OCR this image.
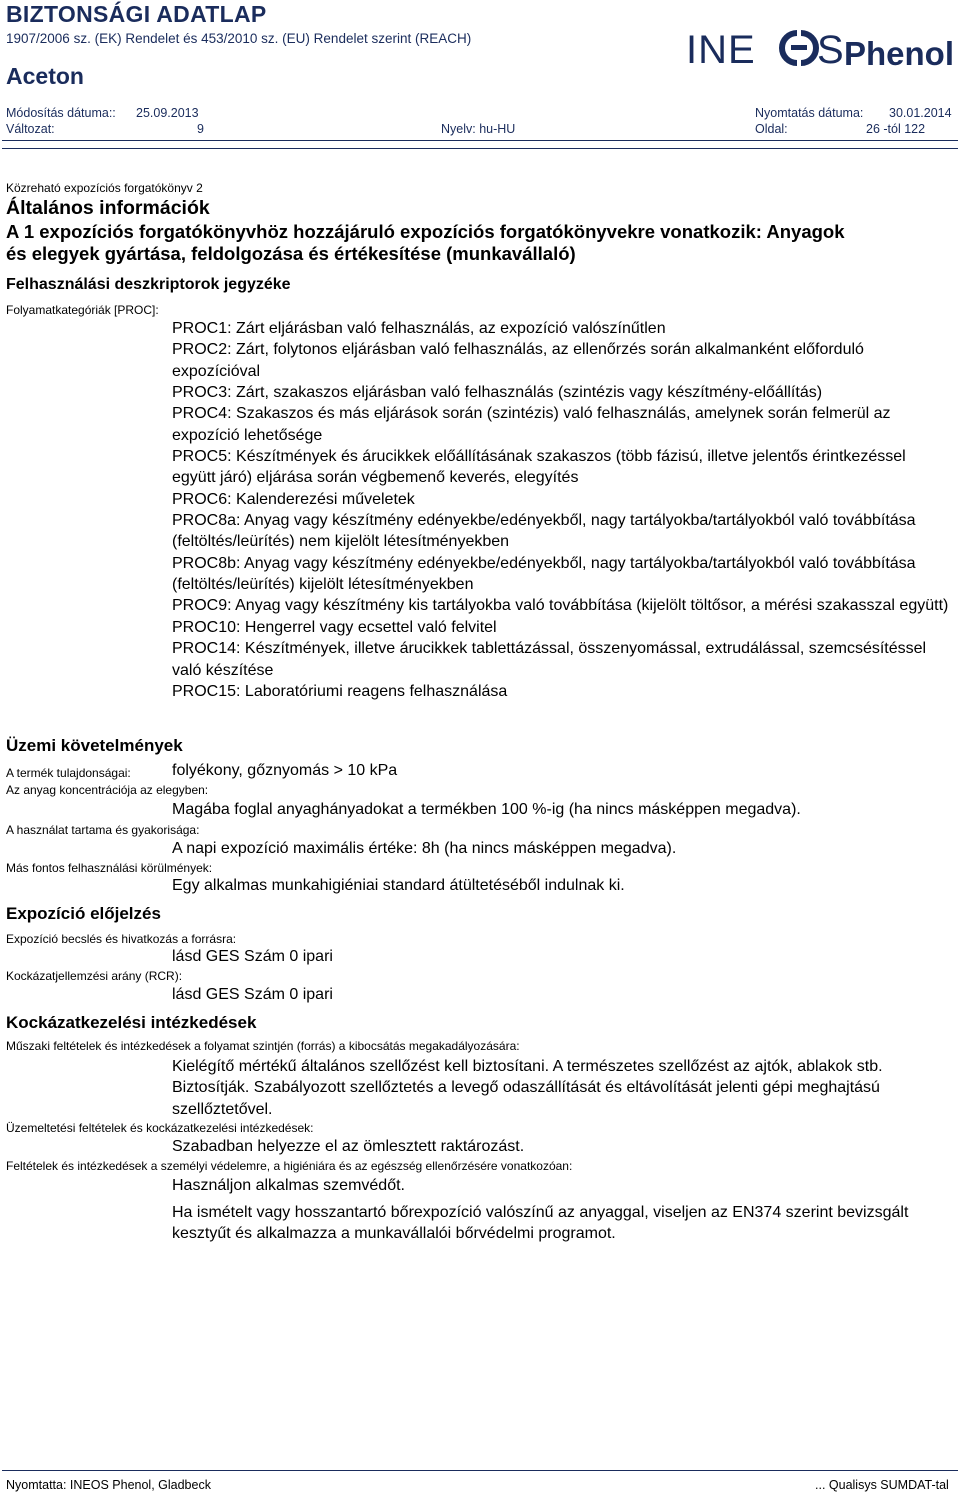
BIZTONSÁGI ADATLAP
1907/2006 sz. (EK) Rendelet és 453/2010 sz. (EU) Rendelet szerint (REACH)
Aceton
INE S Phenol
Módosítás dátuma:: 25.09.2013	Nyomtatás dátuma: 30.01.2014
Változat:	9	Nyelv: hu-HU	Oldal:	26 -tól 122
Közreható expozíciós forgatókönyv 2
Általános információk
A 1 expozíciós forgatókönyvhöz hozzájáruló expozíciós forgatókönyvekre vonatkozik: Anyagok
és elegyek gyártása, feldolgozása és értékesítése (munkavállaló)
Felhasználási deszkriptorok jegyzéke
Folyamatkategóriák [PROC]:
PROC1: Zárt eljárásban való felhasználás, az expozíció valószínűtlen
PROC2: Zárt, folytonos eljárásban való felhasználás, az ellenőrzés során alkalmanként előforduló expozícióval
PROC3: Zárt, szakaszos eljárásban való felhasználás (szintézis vagy készítmény-előállítás)
PROC4: Szakaszos és más eljárások során (szintézis) való felhasználás, amelynek során felmerül az expozíció lehetősége
PROC5: Készítmények és árucikkek előállításának szakaszos (több fázisú, illetve jelentős érintkezéssel együtt járó) eljárása során végbemenő keverés, elegyítés
PROC6: Kalenderezési műveletek
PROC8a: Anyag vagy készítmény edényekbe/edényekből, nagy tartályokba/tartályokból való továbbítása (feltöltés/leürítés) nem kijelölt létesítményekben
PROC8b: Anyag vagy készítmény edényekbe/edényekből, nagy tartályokba/tartályokból való továbbítása (feltöltés/leürítés) kijelölt létesítményekben
PROC9: Anyag vagy készítmény kis tartályokba való továbbítása (kijelölt töltősor, a mérési szakasszal együtt)
PROC10: Hengerrel vagy ecsettel való felvitel
PROC14: Készítmények, illetve árucikkek tablettázással, összenyomással, extrudálással, szemcsésítéssel való készítése
PROC15: Laboratóriumi reagens felhasználása
Üzemi követelmények
A termék tulajdonságai:	folyékony, gőznyomás > 10 kPa
Az anyag koncentrációja az elegyben:
Magába foglal anyaghányadokat a termékben 100 %-ig (ha nincs másképpen megadva).
A használat tartama és gyakorisága:
A napi expozíció maximális értéke: 8h (ha nincs másképpen megadva).
Más fontos felhasználási körülmények:
Egy alkalmas munkahigiéniai standard átültetéséből indulnak ki.
Expozíció előjelzés
Expozíció becslés és hivatkozás a forrásra:
lásd GES Szám 0 ipari
Kockázatjellemzési arány (RCR):
lásd GES Szám 0 ipari
Kockázatkezelési intézkedések
Műszaki feltételek és intézkedések a folyamat szintjén (forrás) a kibocsátás megakadályozására:
Kielégítő mértékű általános szellőzést kell biztosítani. A természetes szellőzést az ajtók, ablakok stb. Biztosítják. Szabályozott szellőztetés a levegő odaszállítását és eltávolítását jelenti gépi meghajtású szellőztetővel.
Üzemeltetési feltételek és kockázatkezelési intézkedések:
Szabadban helyezze el az ömlesztett raktározást.
Feltételek és intézkedések a személyi védelemre, a higiéniára és az egészség ellenőrzésére vonatkozóan:
Használjon alkalmas szemvédőt.
Ha ismételt vagy hosszantartó bőrexpozíció valószínű az anyaggal, viseljen az EN374 szerint bevizsgált kesztyűt és alkalmazza a munkavállalói bőrvédelmi programot.
Nyomtatta: INEOS Phenol, Gladbeck	... Qualisys SUMDAT-tal
